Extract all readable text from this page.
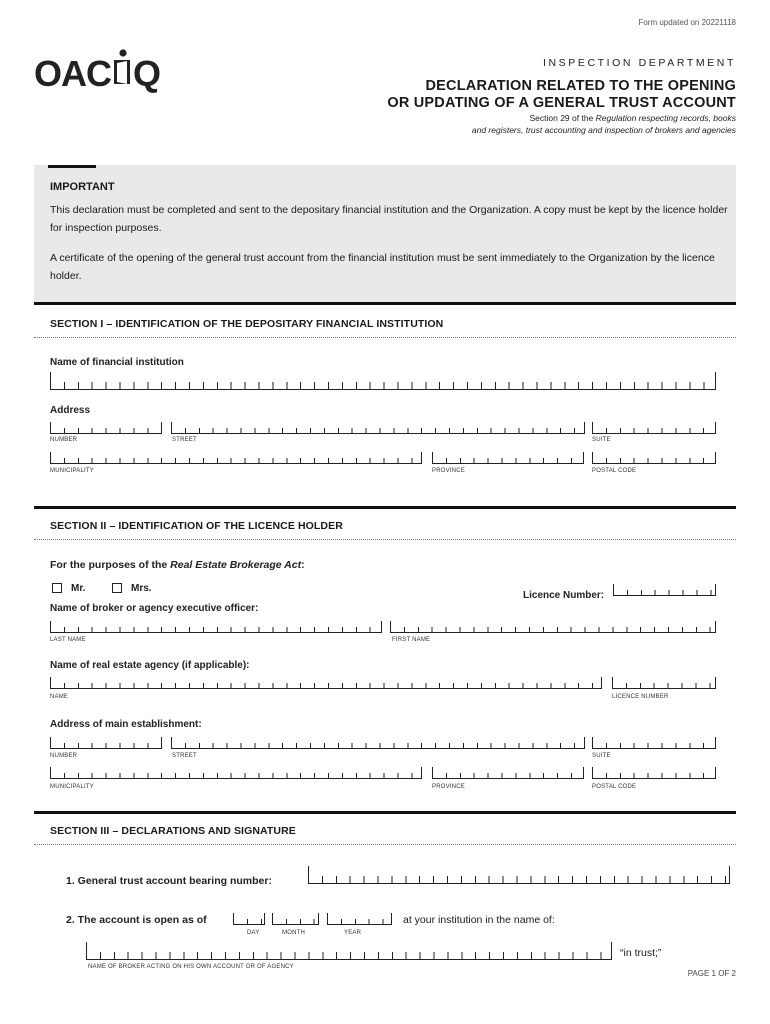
Form updated on 20221118
OAC Q	INSPECTION DEPARTMENT
DECLARATION RELATED TO THE OPENING
OR UPDATING OF A GENERAL TRUST ACCOUNT
Section 29 of the Regulation respecting records, books
and registers, trust accounting and inspection of brokers and agencies
IMPORTANT

This declaration must be completed and sent to the depositary financial institution and the Organization. A copy must be kept by the licence holder for inspection purposes.

A certificate of the opening of the general trust account from the financial institution must be sent immediately to the Organization by the licence holder.

SECTION I – IDENTIFICATION OF THE DEPOSITARY FINANCIAL INSTITUTION
Name of financial institution
Address
NUMBER	STREET	SUITE
MUNICIPALITY	PROVINCE	POSTAL CODE
SECTION II – IDENTIFICATION OF THE LICENCE HOLDER
For the purposes of the Real Estate Brokerage Act:
Mr.	Mrs.
Licence Number:
Name of broker or agency executive officer:
LAST NAME	FIRST NAME
Name of real estate agency (if applicable):
NAME	LICENCE NUMBER
Address of main establishment:
NUMBER	STREET	SUITE
MUNICIPALITY	PROVINCE	POSTAL CODE
SECTION III – DECLARATIONS AND SIGNATURE
1. General trust account bearing number:
2. The account is open as of
DAY	MONTH	YEAR
at your institution in the name of:
“in trust;”
NAME OF BROKER ACTING ON HIS OWN ACCOUNT OR OF AGENCY
PAGE 1 OF 2
